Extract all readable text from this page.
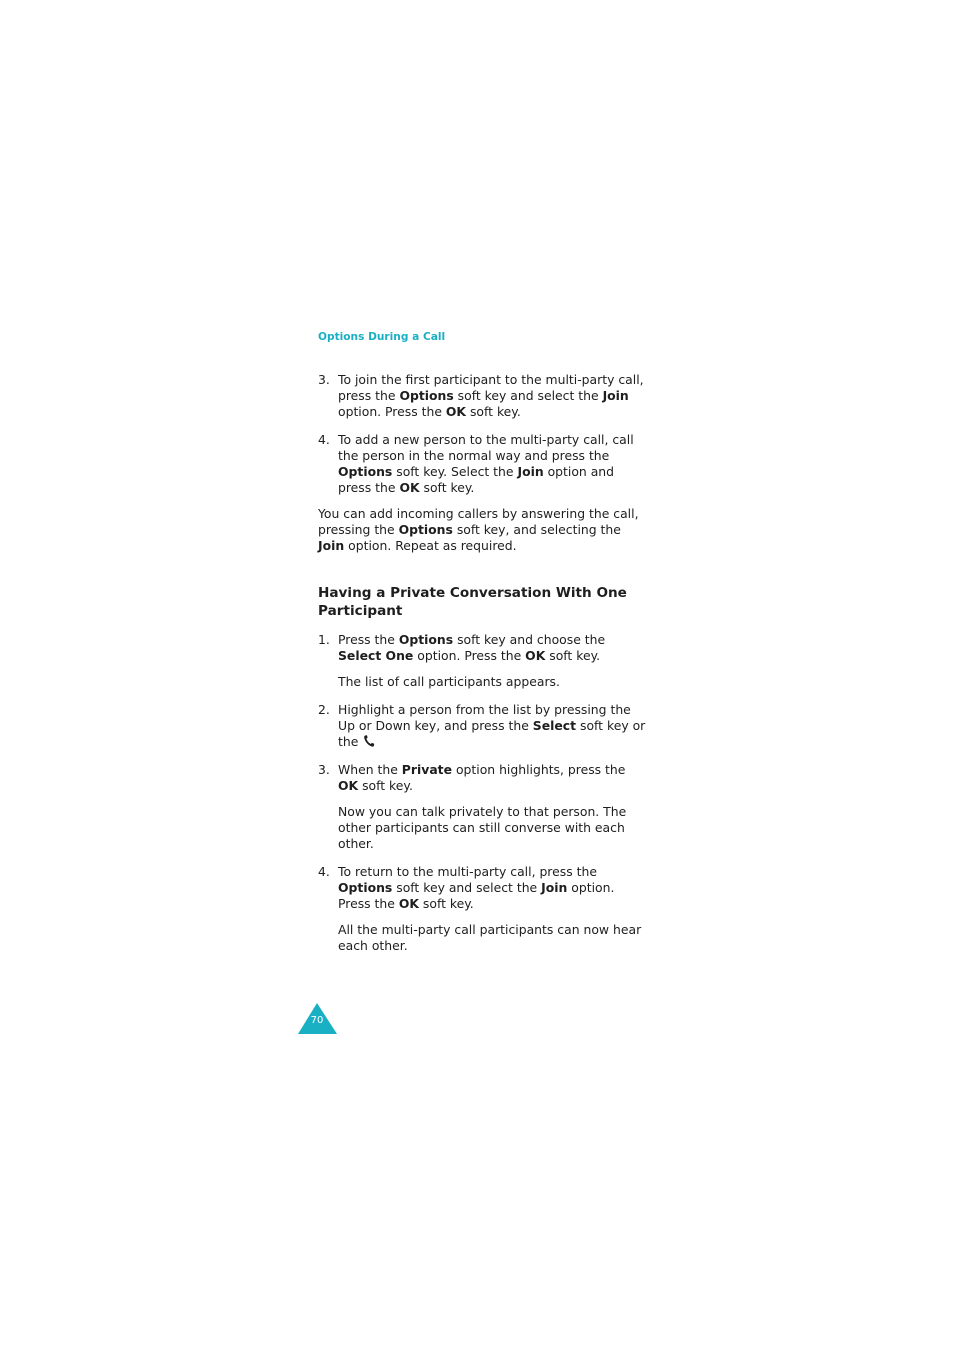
Options During a Call
3. To join the first participant to the multi-party call, press the Options soft key and select the Join option. Press the OK soft key.

4. To add a new person to the multi-party call, call the person in the normal way and press the Options soft key. Select the Join option and press the OK soft key.

You can add incoming callers by answering the call, pressing the Options soft key, and selecting the Join option. Repeat as required.

Having a Private Conversation With One Participant
1. Press the Options soft key and choose the Select One option. Press the OK soft key.

The list of call participants appears.

2. Highlight a person from the list by pressing the Up or Down key, and press the Select soft key or the

3. When the Private option highlights, press the OK soft key.

Now you can talk privately to that person. The other participants can still converse with each other.

4. To return to the multi-party call, press the Options soft key and select the Join option. Press the OK soft key.

All the multi-party call participants can now hear each other.

70
